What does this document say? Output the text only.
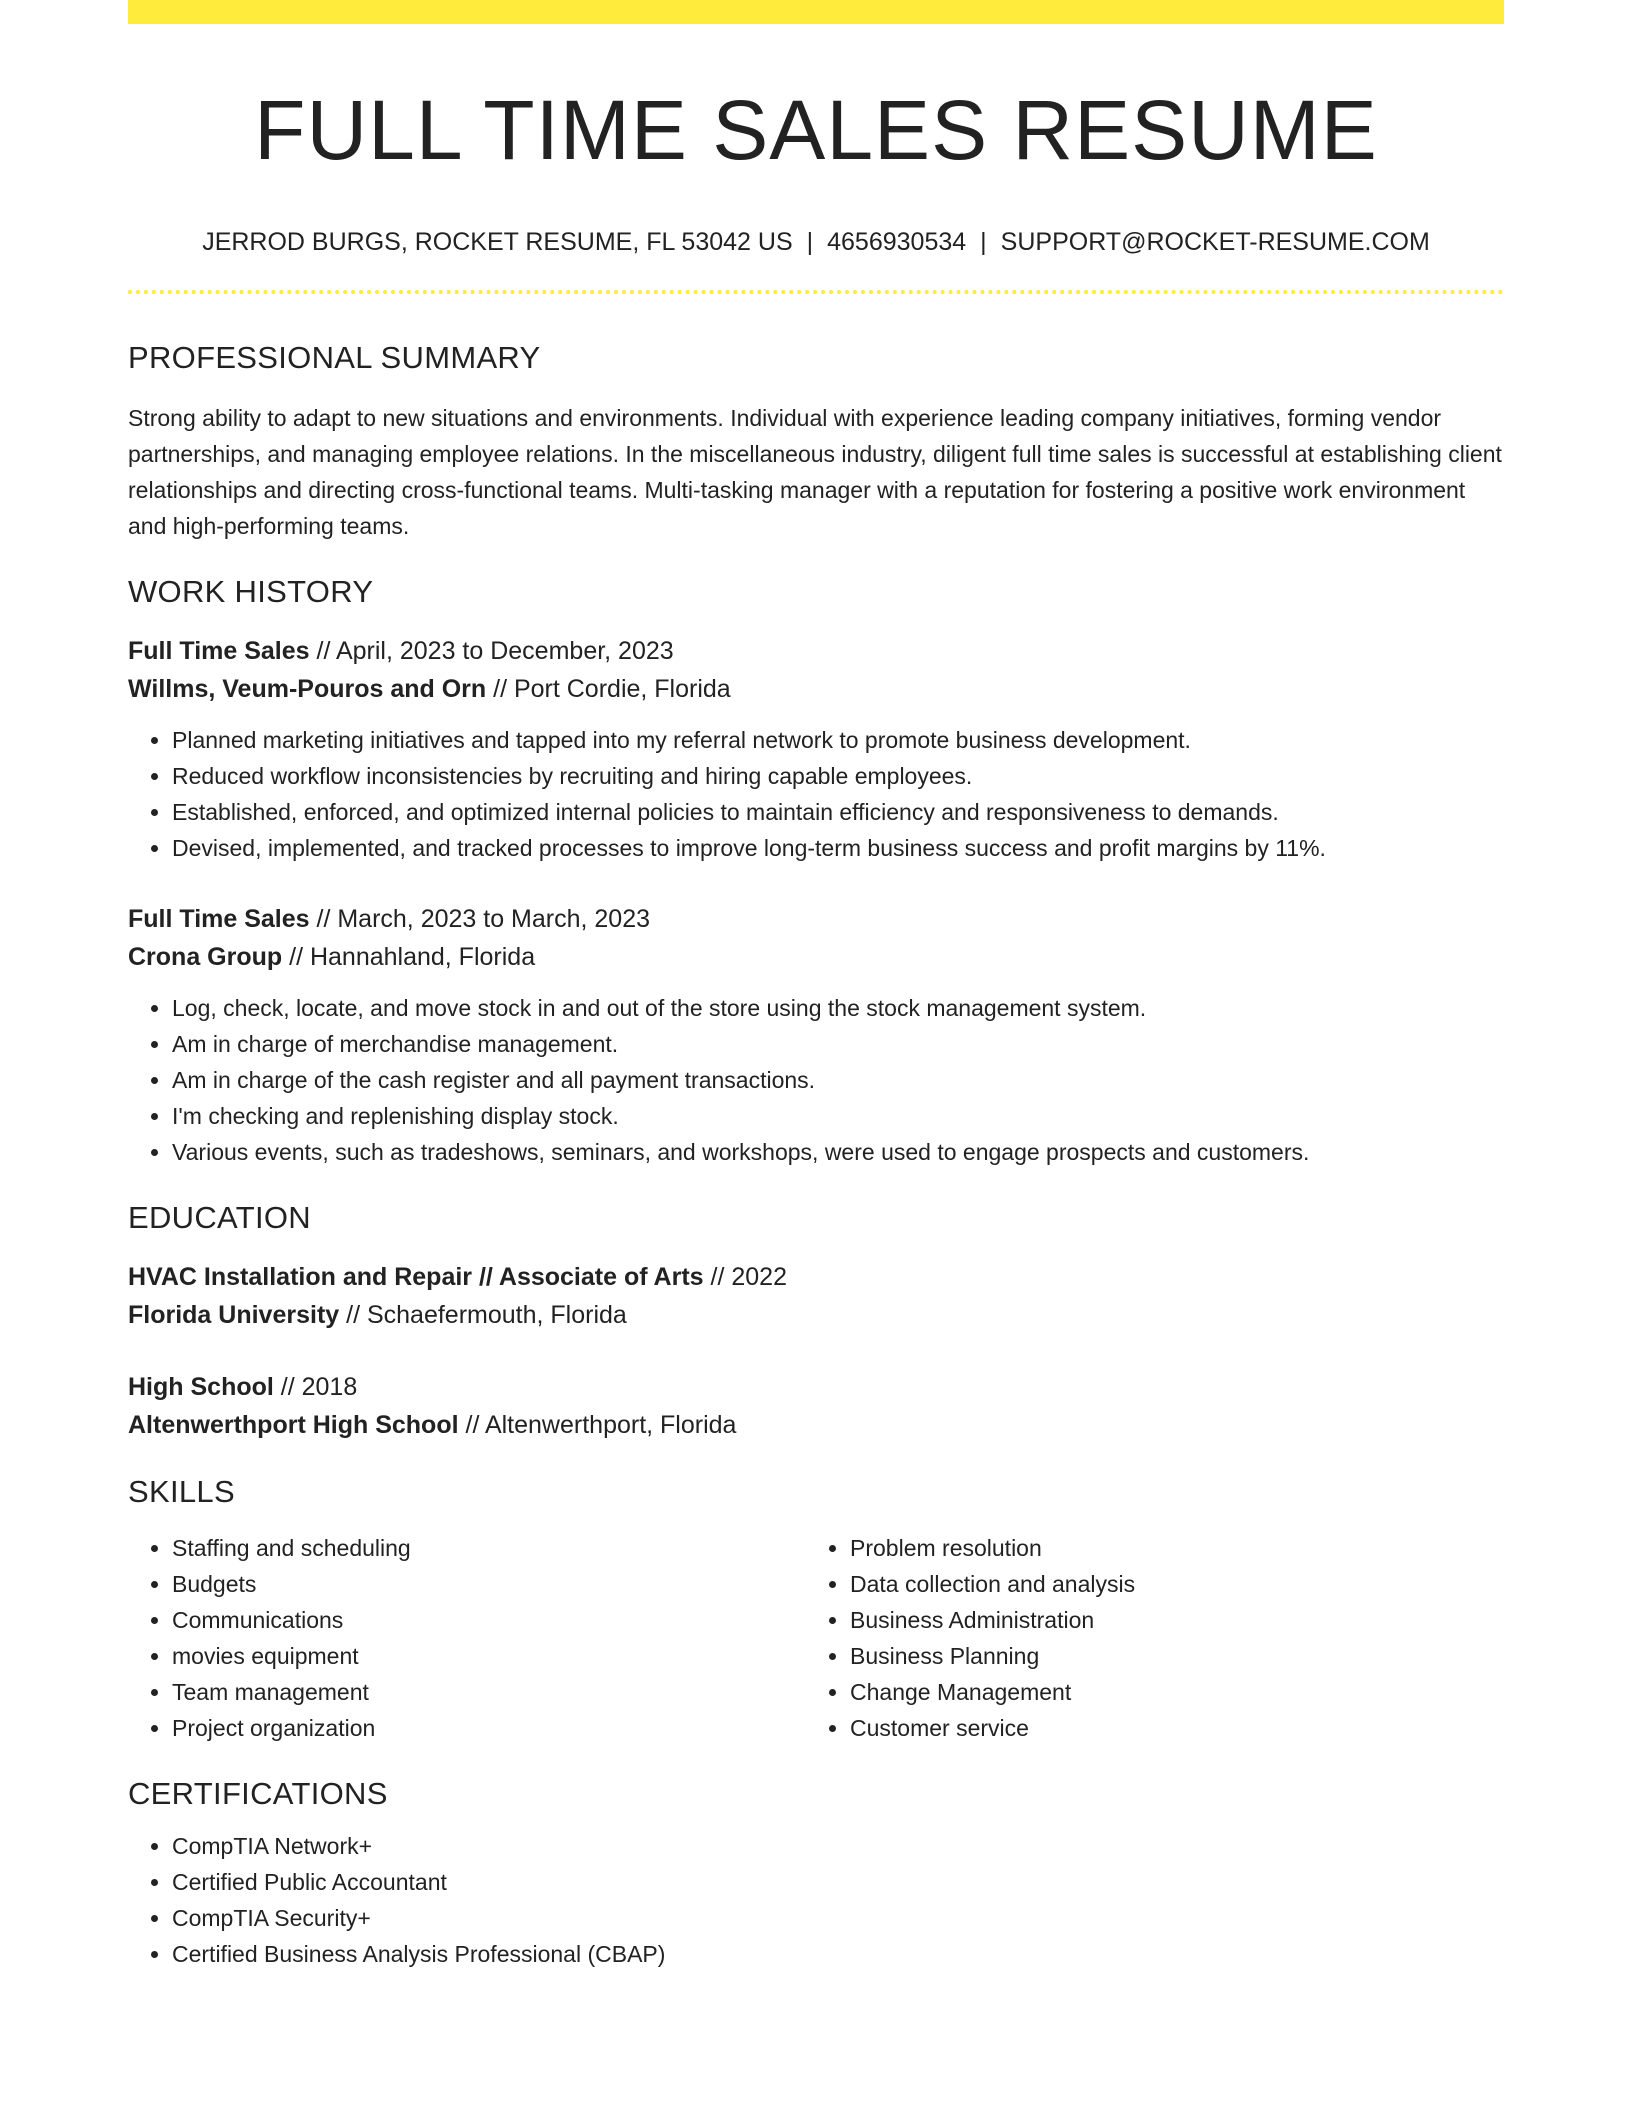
FULL TIME SALES RESUME
JERROD BURGS, ROCKET RESUME, FL 53042 US | 4656930534 | SUPPORT@ROCKET-RESUME.COM
PROFESSIONAL SUMMARY
Strong ability to adapt to new situations and environments. Individual with experience leading company initiatives, forming vendor partnerships, and managing employee relations. In the miscellaneous industry, diligent full time sales is successful at establishing client relationships and directing cross-functional teams. Multi-tasking manager with a reputation for fostering a positive work environment and high-performing teams.
WORK HISTORY
Full Time Sales // April, 2023 to December, 2023
Willms, Veum-Pouros and Orn // Port Cordie, Florida
• Planned marketing initiatives and tapped into my referral network to promote business development.
• Reduced workflow inconsistencies by recruiting and hiring capable employees.
• Established, enforced, and optimized internal policies to maintain efficiency and responsiveness to demands.
• Devised, implemented, and tracked processes to improve long-term business success and profit margins by 11%.
Full Time Sales // March, 2023 to March, 2023
Crona Group // Hannahland, Florida
• Log, check, locate, and move stock in and out of the store using the stock management system.
• Am in charge of merchandise management.
• Am in charge of the cash register and all payment transactions.
• I'm checking and replenishing display stock.
• Various events, such as tradeshows, seminars, and workshops, were used to engage prospects and customers.
EDUCATION
HVAC Installation and Repair // Associate of Arts // 2022
Florida University // Schaefermouth, Florida
High School // 2018
Altenwerthport High School // Altenwerthport, Florida
SKILLS
• Staffing and scheduling
• Budgets
• Communications
• movies equipment
• Team management
• Project organization
• Problem resolution
• Data collection and analysis
• Business Administration
• Business Planning
• Change Management
• Customer service
CERTIFICATIONS
• CompTIA Network+
• Certified Public Accountant
• CompTIA Security+
• Certified Business Analysis Professional (CBAP)
